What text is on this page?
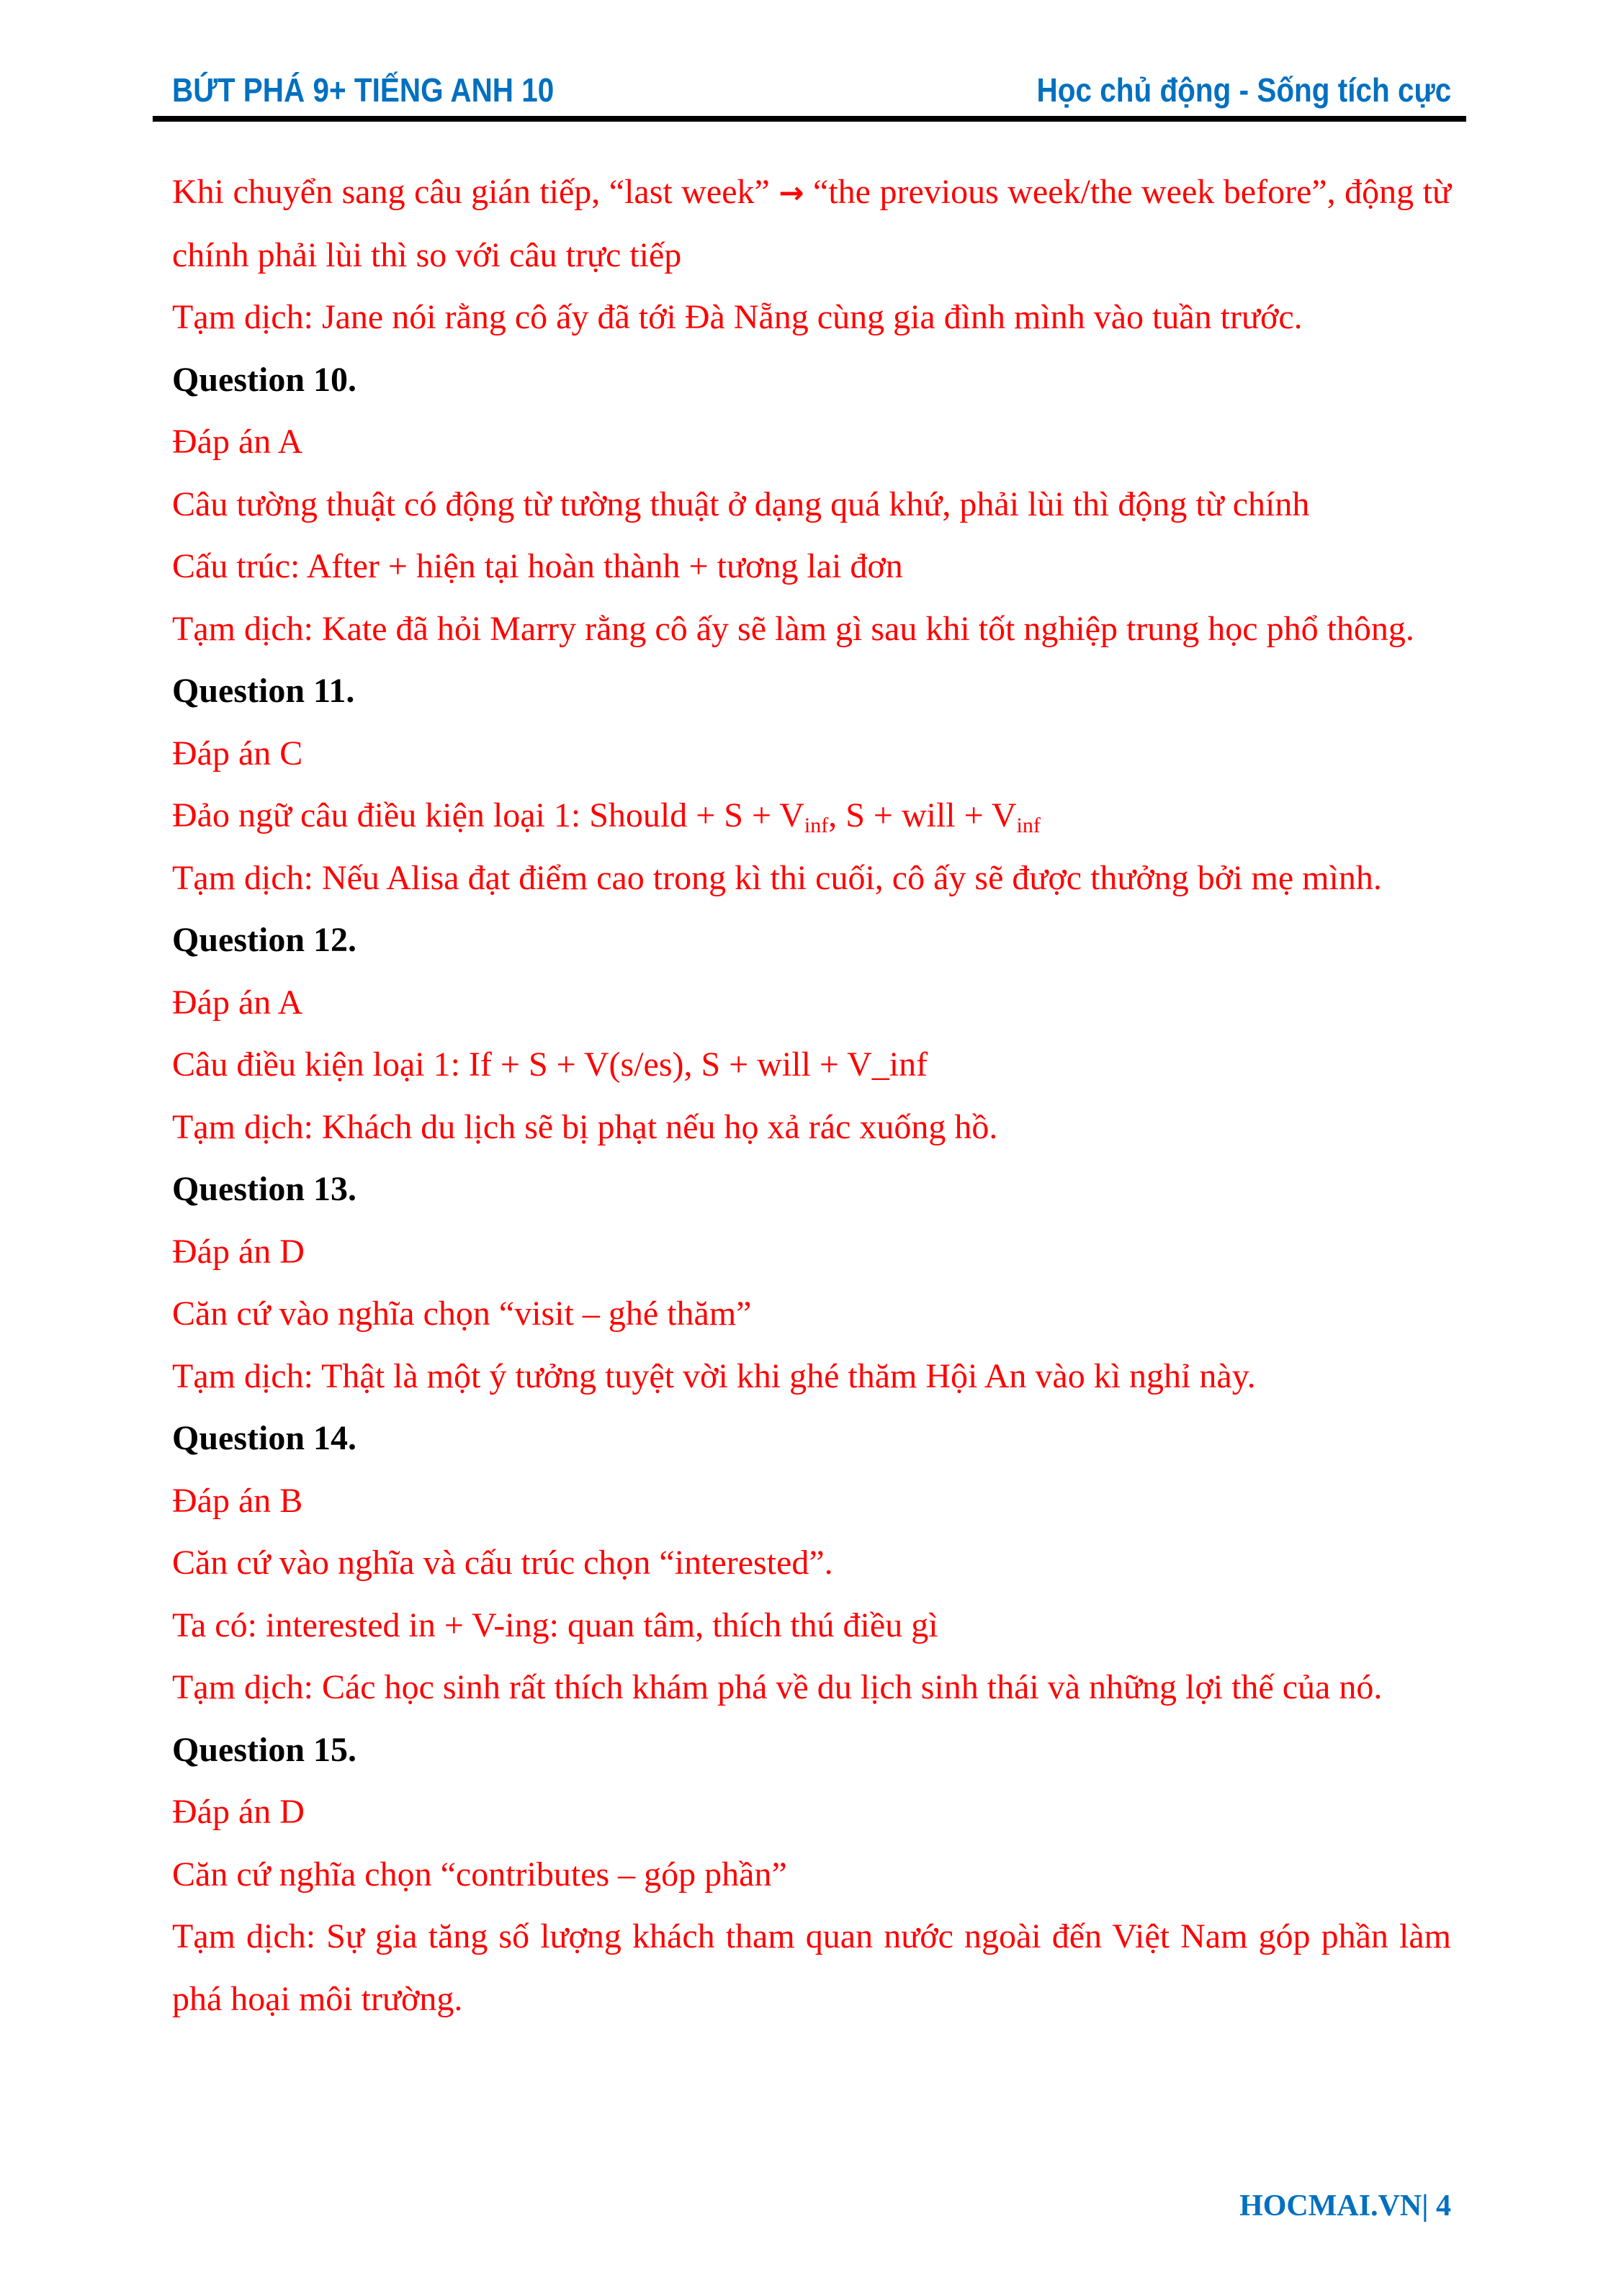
BỨT PHÁ 9+ TIẾNG ANH 10	Học chủ động - Sống tích cực

Khi chuyển sang câu gián tiếp, “last week” → “the previous week/the week before”, động từ chính phải lùi thì so với câu trực tiếp

Tạm dịch: Jane nói rằng cô ấy đã tới Đà Nẵng cùng gia đình mình vào tuần trước.

Question 10.

Đáp án A

Câu tường thuật có động từ tường thuật ở dạng quá khứ, phải lùi thì động từ chính

Cấu trúc: After + hiện tại hoàn thành + tương lai đơn

Tạm dịch: Kate đã hỏi Marry rằng cô ấy sẽ làm gì sau khi tốt nghiệp trung học phổ thông.

Question 11.

Đáp án C

Đảo ngữ câu điều kiện loại 1: Should + $S + V_{inf}$, S + will + $V_{inf}$

Tạm dịch: Nếu Alisa đạt điểm cao trong kì thi cuối, cô ấy sẽ được thưởng bởi mẹ mình.

Question 12.

Đáp án A

Câu điều kiện loại 1: If + S + V(s/es), S + will + V_inf

Tạm dịch: Khách du lịch sẽ bị phạt nếu họ xả rác xuống hồ.

Question 13.

Đáp án D

Căn cứ vào nghĩa chọn “visit – ghé thăm”

Tạm dịch: Thật là một ý tưởng tuyệt vời khi ghé thăm Hội An vào kì nghỉ này.

Question 14.

Đáp án B

Căn cứ vào nghĩa và cấu trúc chọn “interested”.

Ta có: interested in + V-ing: quan tâm, thích thú điều gì

Tạm dịch: Các học sinh rất thích khám phá về du lịch sinh thái và những lợi thế của nó.

Question 15.

Đáp án D

Căn cứ nghĩa chọn “contributes – góp phần”

Tạm dịch: Sự gia tăng số lượng khách tham quan nước ngoài đến Việt Nam góp phần làm phá hoại môi trường.

HOCMAI.VN| 4
